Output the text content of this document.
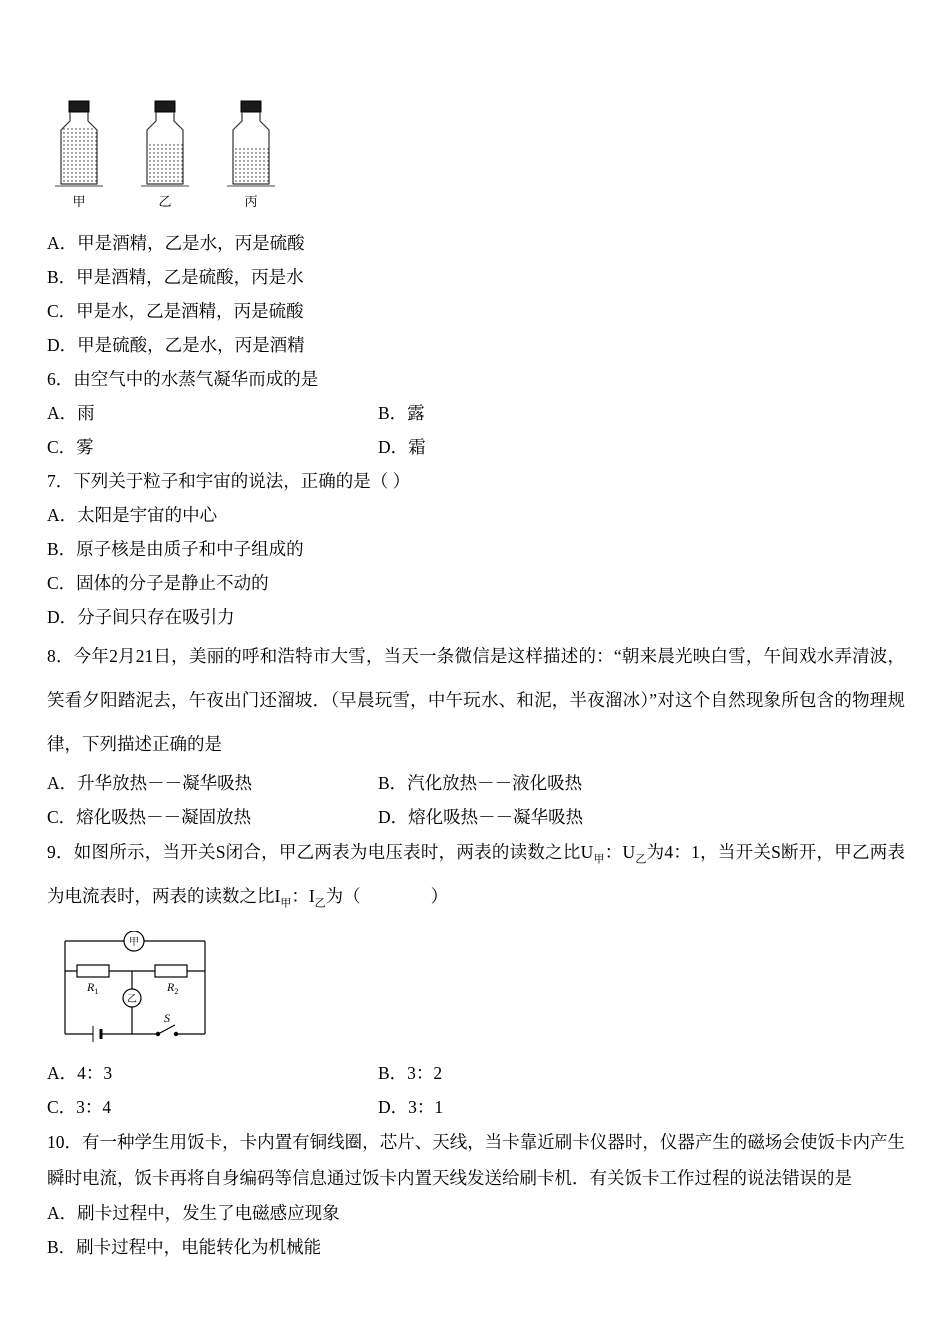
甲	乙	丙

A．甲是酒精，乙是水，丙是硫酸

B．甲是酒精，乙是硫酸，丙是水

C．甲是水，乙是酒精，丙是硫酸

D．甲是硫酸，乙是水，丙是酒精

6．由空气中的水蒸气凝华而成的是

A．雨	B．露

C．雾	D．霜

7．下列关于粒子和宇宙的说法，正确的是（ ）

A．太阳是宇宙的中心

B．原子核是由质子和中子组成的

C．固体的分子是静止不动的

D．分子间只存在吸引力

8．今年2月21日，美丽的呼和浩特市大雪，当天一条微信是这样描述的：“朝来晨光映白雪，午间戏水弄清波，笑看夕阳踏泥去，午夜出门还溜坡．（早晨玩雪，中午玩水、和泥，半夜溜冰）”对这个自然现象所包含的物理规律，下列描述正确的是

A．升华放热－－凝华吸热	B．汽化放热－－液化吸热

C．熔化吸热－－凝固放热	D．熔化吸热－－凝华吸热

9．如图所示，当开关S闭合，甲乙两表为电压表时，两表的读数之比$U_甲$：$U_乙$为4：1，当开关S断开，甲乙两表为电流表时，两表的读数之比$I_甲$：$I_乙$为（　　　　）

甲
乙
$R_1$	$R_2$
S

A．4：3	B．3：2

C．3：4	D．3：1

10．有一种学生用饭卡，卡内置有铜线圈，芯片、天线，当卡靠近刷卡仪器时，仪器产生的磁场会使饭卡内产生瞬时电流，饭卡再将自身编码等信息通过饭卡内置天线发送给刷卡机．有关饭卡工作过程的说法错误的是

A．刷卡过程中，发生了电磁感应现象

B．刷卡过程中，电能转化为机械能
